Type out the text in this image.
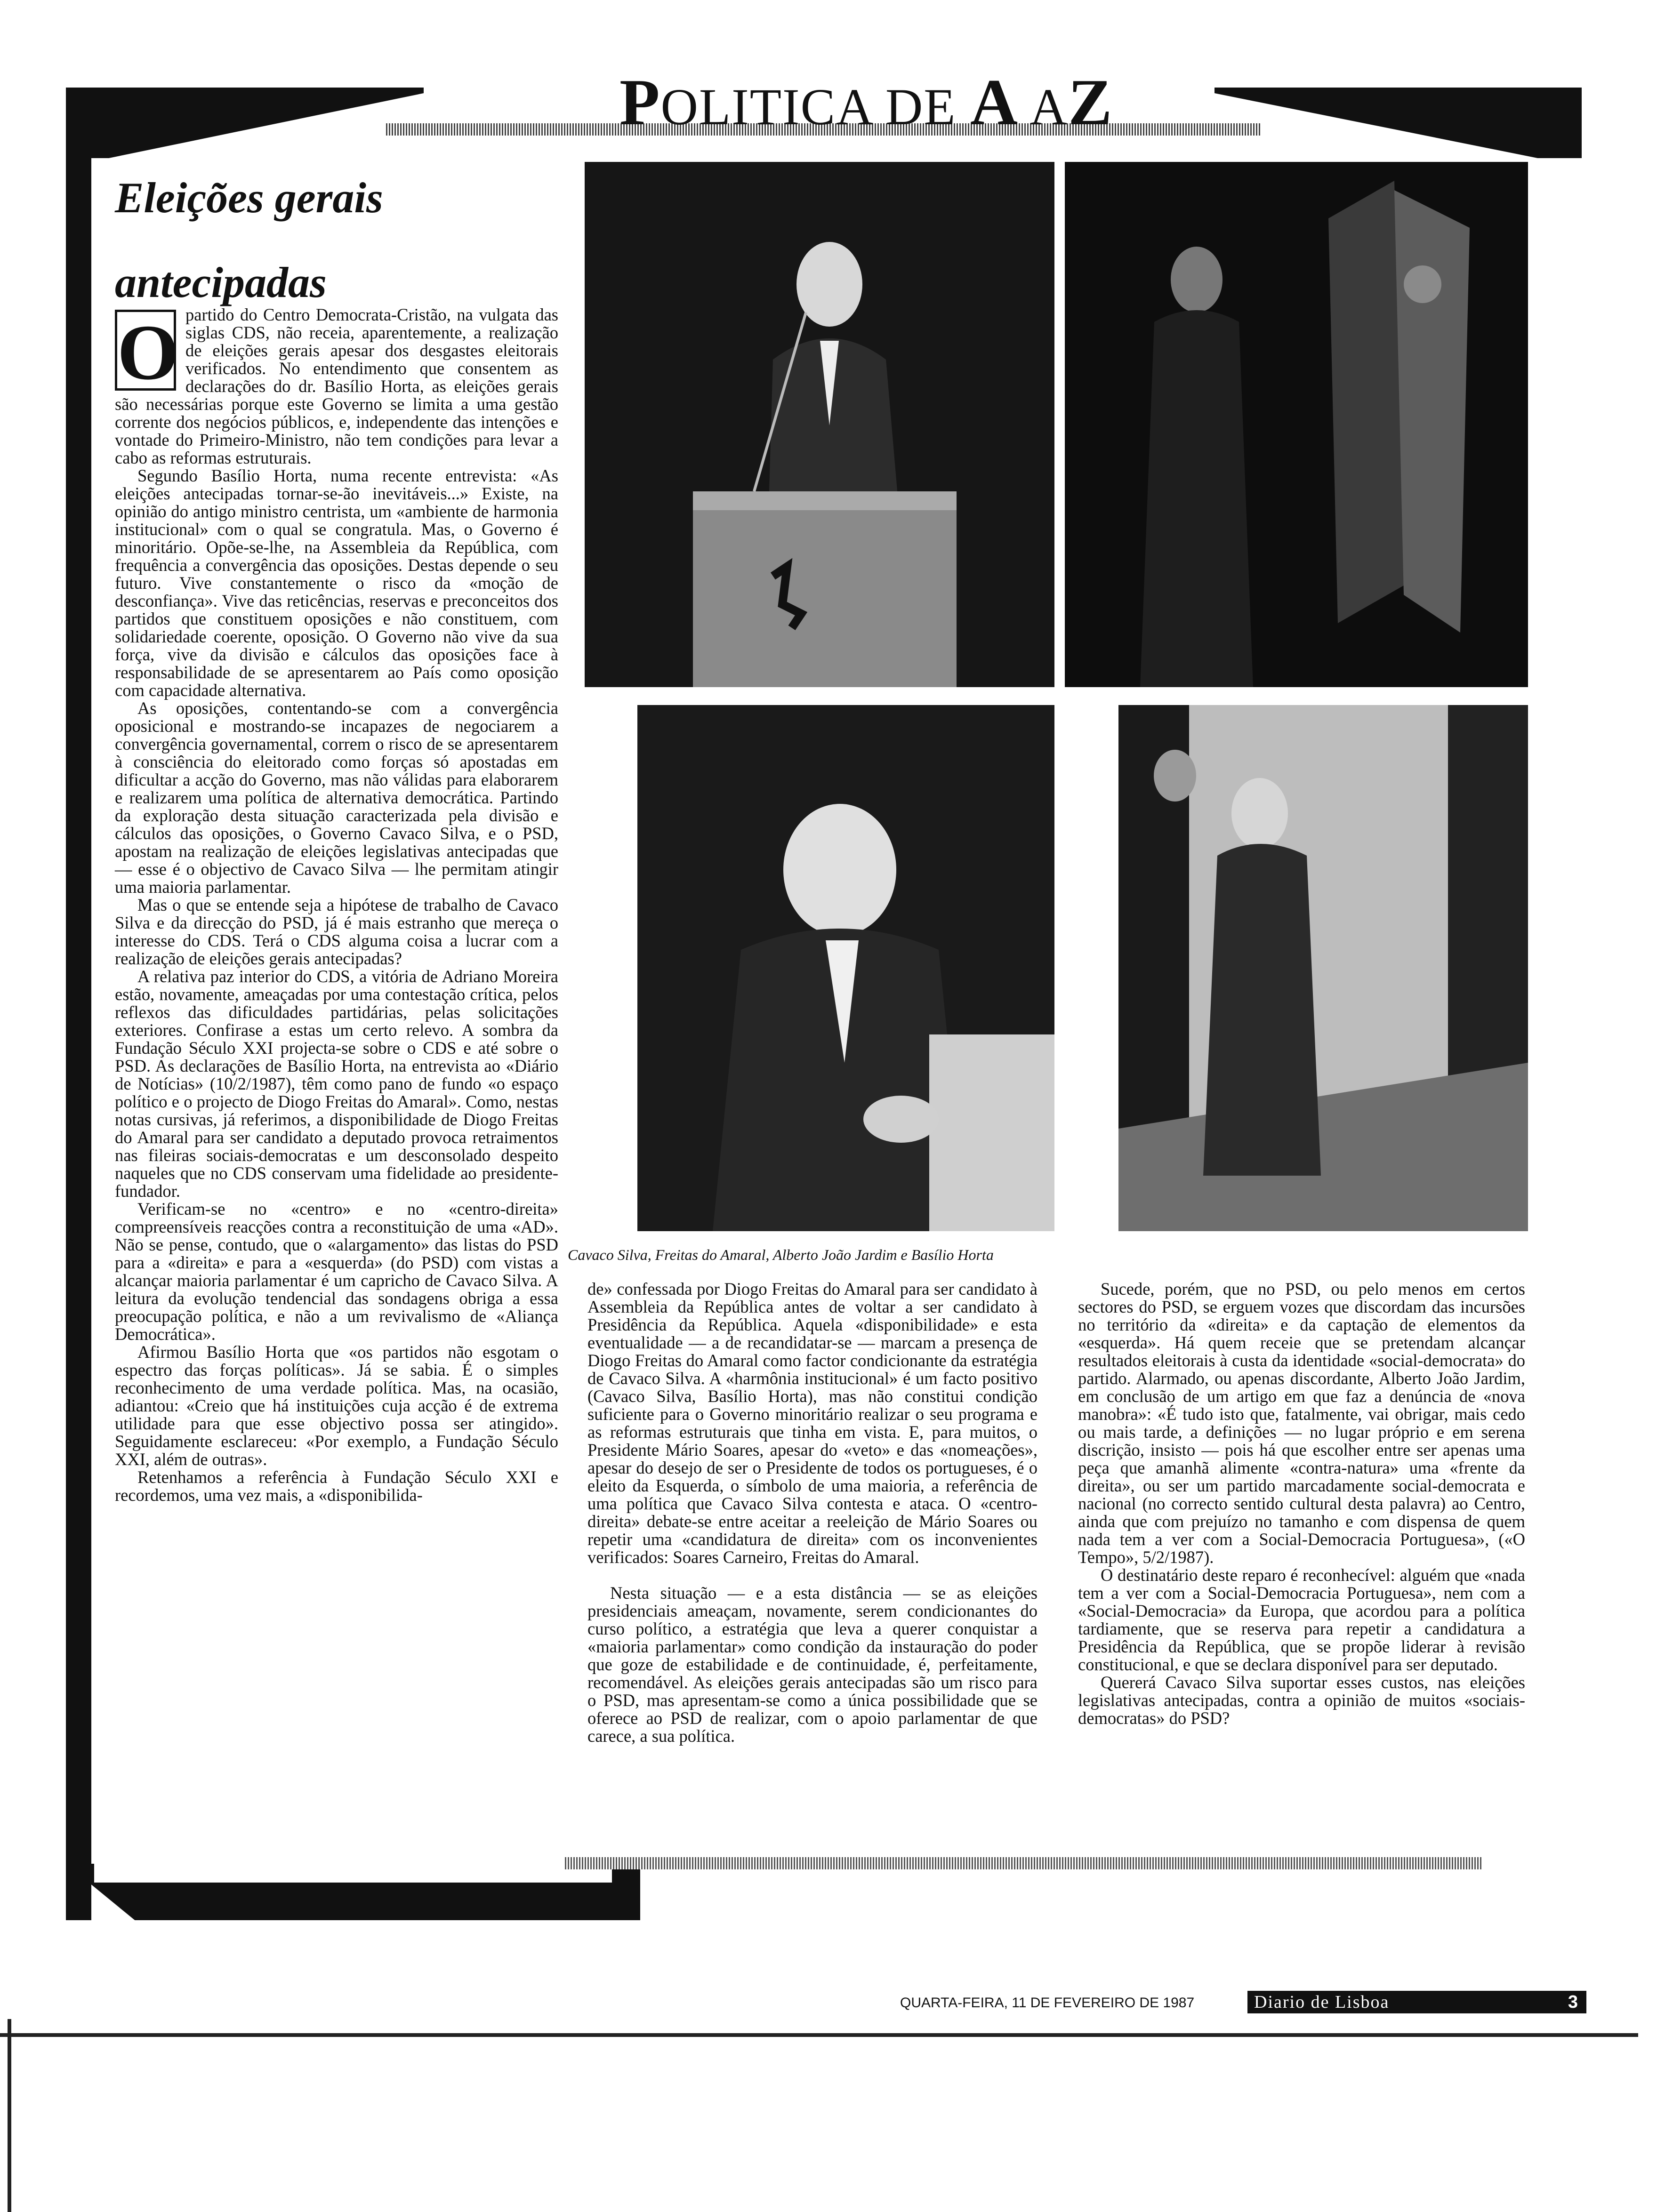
POLITICA DE A AZ
Eleições gerais
antecipadas
O partido do Centro Democrata-Cristão, na vulgata das siglas CDS, não receia, aparentemente, a realização de eleições gerais apesar dos desgastes eleitorais verificados. No entendimento que consentem as declarações do dr. Basílio Horta, as eleições gerais são necessárias porque este Governo se limita a uma gestão corrente dos negócios públicos, e, independente das intenções e vontade do Primeiro-Ministro, não tem condições para levar a cabo as reformas estruturais.

Segundo Basílio Horta, numa recente entrevista: «As eleições antecipadas tornar-se-ão inevitáveis...» Existe, na opinião do antigo ministro centrista, um «ambiente de harmonia institucional» com o qual se congratula. Mas, o Governo é minoritário. Opõe-se-lhe, na Assembleia da República, com frequência a convergência das oposições. Destas depende o seu futuro. Vive constantemente o risco da «moção de desconfiança». Vive das reticências, reservas e preconceitos dos partidos que constituem oposições e não constituem, com solidariedade coerente, oposição. O Governo não vive da sua força, vive da divisão e cálculos das oposições face à responsabilidade de se apresentarem ao País como oposição com capacidade alternativa.

As oposições, contentando-se com a convergência oposicional e mostrando-se incapazes de negociarem a convergência governamental, correm o risco de se apresentarem à consciência do eleitorado como forças só apostadas em dificultar a acção do Governo, mas não válidas para elaborarem e realizarem uma política de alternativa democrática. Partindo da exploração desta situação caracterizada pela divisão e cálculos das oposições, o Governo Cavaco Silva, e o PSD, apostam na realização de eleições legislativas antecipadas que — esse é o objectivo de Cavaco Silva — lhe permitam atingir uma maioria parlamentar.

Mas o que se entende seja a hipótese de trabalho de Cavaco Silva e da direcção do PSD, já é mais estranho que mereça o interesse do CDS. Terá o CDS alguma coisa a lucrar com a realização de eleições gerais antecipadas?

A relativa paz interior do CDS, a vitória de Adriano Moreira estão, novamente, ameaçadas por uma contestação crítica, pelos reflexos das dificuldades partidárias, pelas solicitações exteriores. Confirase a estas um certo relevo. A sombra da Fundação Século XXI projecta-se sobre o CDS e até sobre o PSD. As declarações de Basílio Horta, na entrevista ao «Diário de Notícias» (10/2/1987), têm como pano de fundo «o espaço político e o projecto de Diogo Freitas do Amaral». Como, nestas notas cursivas, já referimos, a disponibilidade de Diogo Freitas do Amaral para ser candidato a deputado provoca retraimentos nas fileiras sociais-democratas e um desconsolado despeito naqueles que no CDS conservam uma fidelidade ao presidente-fundador.

Verificam-se no «centro» e no «centro-direita» compreensíveis reacções contra a reconstituição de uma «AD». Não se pense, contudo, que o «alargamento» das listas do PSD para a «direita» e para a «esquerda» (do PSD) com vistas a alcançar maioria parlamentar é um capricho de Cavaco Silva. A leitura da evolução tendencial das sondagens obriga a essa preocupação política, e não a um revivalismo de «Aliança Democrática».

Afirmou Basílio Horta que «os partidos não esgotam o espectro das forças políticas». Já se sabia. É o simples reconhecimento de uma verdade política. Mas, na ocasião, adiantou: «Creio que há instituições cuja acção é de extrema utilidade para que esse objectivo possa ser atingido». Seguidamente esclareceu: «Por exemplo, a Fundação Século XXI, além de outras».

Retenhamos a referência à Fundação Século XXI e recordemos, uma vez mais, a «disponibilida-

Cavaco Silva, Freitas do Amaral, Alberto João Jardim e Basílio Horta

de» confessada por Diogo Freitas do Amaral para ser candidato à Assembleia da República antes de voltar a ser candidato à Presidência da República. Aquela «disponibilidade» e esta eventualidade — a de recandidatar-se — marcam a presença de Diogo Freitas do Amaral como factor condicionante da estratégia de Cavaco Silva. A «harmônia institucional» é um facto positivo (Cavaco Silva, Basílio Horta), mas não constitui condição suficiente para o Governo minoritário realizar o seu programa e as reformas estruturais que tinha em vista. E, para muitos, o Presidente Mário Soares, apesar do «veto» e das «nomeações», apesar do desejo de ser o Presidente de todos os portugueses, é o eleito da Esquerda, o símbolo de uma maioria, a referência de uma política que Cavaco Silva contesta e ataca. O «centro-direita» debate-se entre aceitar a reeleição de Mário Soares ou repetir uma «candidatura de direita» com os inconvenientes verificados: Soares Carneiro, Freitas do Amaral.

Nesta situação — e a esta distância — se as eleições presidenciais ameaçam, novamente, serem condicionantes do curso político, a estratégia que leva a querer conquistar a «maioria parlamentar» como condição da instauração do poder que goze de estabilidade e de continuidade, é, perfeitamente, recomendável. As eleições gerais antecipadas são um risco para o PSD, mas apresentam-se como a única possibilidade que se oferece ao PSD de realizar, com o apoio parlamentar de que carece, a sua política.

Sucede, porém, que no PSD, ou pelo menos em certos sectores do PSD, se erguem vozes que discordam das incursões no território da «direita» e da captação de elementos da «esquerda». Há quem receie que se pretendam alcançar resultados eleitorais à custa da identidade «social-democrata» do partido. Alarmado, ou apenas discordante, Alberto João Jardim, em conclusão de um artigo em que faz a denúncia de «nova manobra»: «É tudo isto que, fatalmente, vai obrigar, mais cedo ou mais tarde, a definições — no lugar próprio e em serena discrição, insisto — pois há que escolher entre ser apenas uma peça que amanhã alimente «contra-natura» uma «frente da direita», ou ser um partido marcadamente social-democrata e nacional (no correcto sentido cultural desta palavra) ao Centro, ainda que com prejuízo no tamanho e com dispensa de quem nada tem a ver com a Social-Democracia Portuguesa», («O Tempo», 5/2/1987).

O destinatário deste reparo é reconhecível: alguém que «nada tem a ver com a Social-Democracia Portuguesa», nem com a «Social-Democracia» da Europa, que acordou para a política tardiamente, que se reserva para repetir a candidatura a Presidência da República, que se propõe liderar à revisão constitucional, e que se declara disponível para ser deputado.

Quererá Cavaco Silva suportar esses custos, nas eleições legislativas antecipadas, contra a opinião de muitos «sociais-democratas» do PSD?

QUARTA-FEIRA, 11 DE FEVEREIRO DE 1987	Diario de Lisboa	3
